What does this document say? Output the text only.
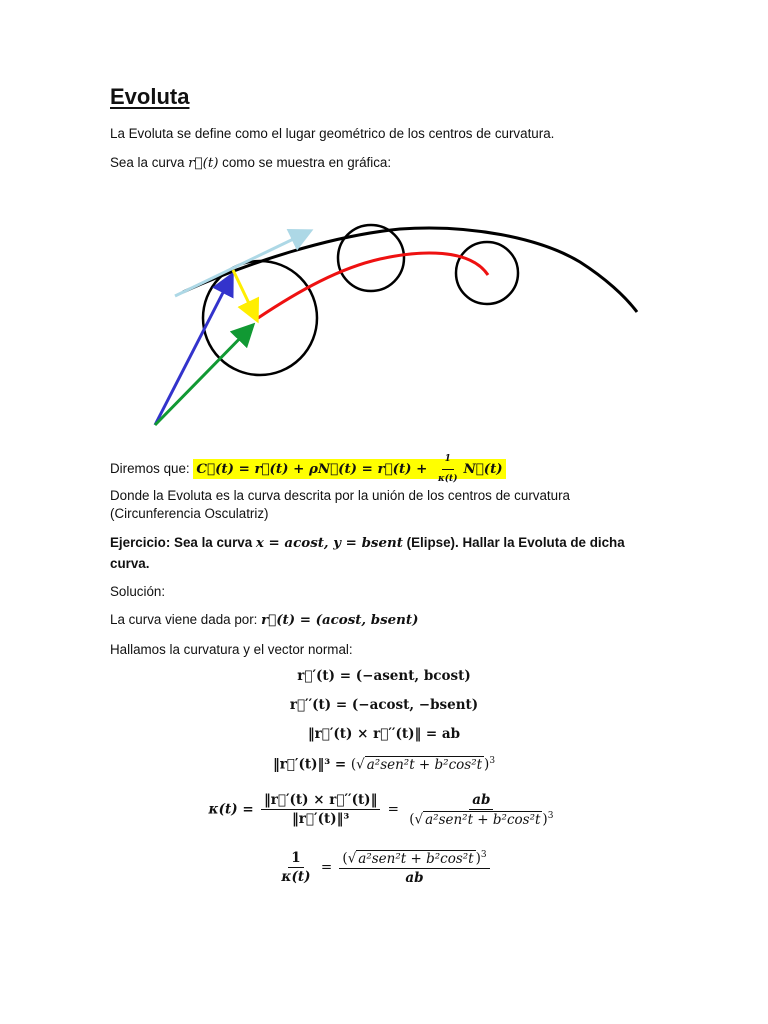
Evoluta
La Evoluta se define como el lugar geométrico de los centros de curvatura.
Sea la curva r⃗(t) como se muestra en gráfica:
Diremos que: C⃗(t) = r⃗(t) + ρN⃗(t) = r⃗(t) + $\frac{1}{\kappa(t)}$ N⃗(t)
Donde la Evoluta es la curva descrita por la unión de los centros de curvatura
(Circunferencia Osculatriz)
Ejercicio: Sea la curva x = acost, y = bsent (Elipse). Hallar la Evoluta de dicha
curva.
Solución:
La curva viene dada por: r⃗(t) = (acost, bsent)
Hallamos la curvatura y el vector normal:
r⃗′(t) = (−asent, bcost)
r⃗′′(t) = (−acost, −bsent)
‖r⃗′(t) × r⃗′′(t)‖ = ab
‖r⃗′(t)‖³ = (√ a²sen²t + b²cos²t )$^3$
$\kappa(t) = \frac{‖r⃗'(t) \times r⃗''(t)‖}{\text{‖r⃗′(t)‖³}} = \frac{ab}{(√ a^2sen^2t + b^2\cos^2t )^3}$
$\frac{1}{\kappa(t)} = \frac{(√ a^2sen^2t + b^2\cos^2t )^3}{ab}$
